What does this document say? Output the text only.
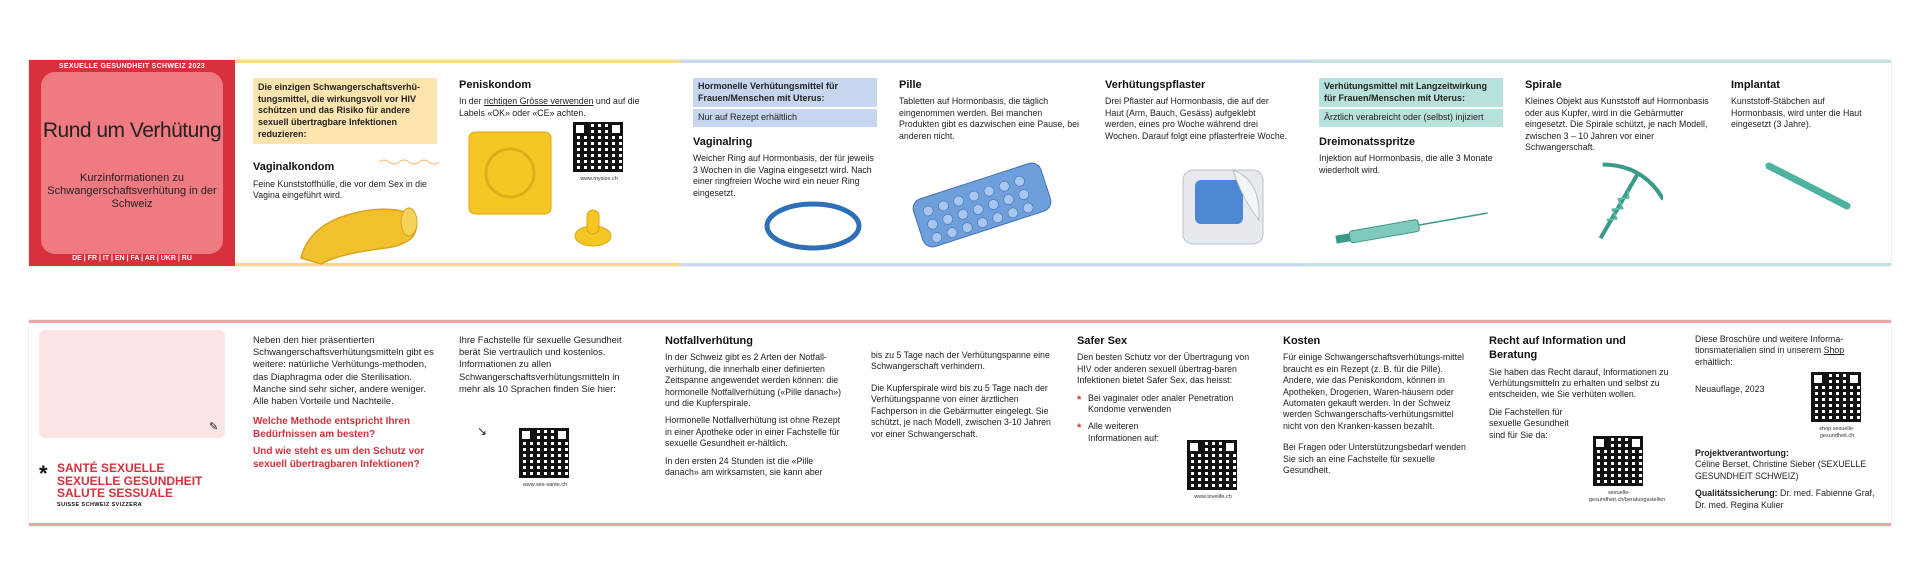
SEXUELLE GESUNDHEIT SCHWEIZ 2023
Rund um Verhütung
Kurzinformationen zu Schwangerschaftsverhütung in der Schweiz
DE | FR | IT | EN | FA | AR | UKR | RU
Die einzigen Schwangerschaftsverhü-tungsmittel, die wirkungsvoll vor HIV schützen und das Risiko für andere sexuell übertragbare Infektionen reduzieren:
Vaginalkondom

Feine Kunststoffhülle, die vor dem Sex in die Vagina eingeführt wird.

Peniskondom

In der richtigen Grösse verwenden und auf die Labels «OK» oder «CE» achten.

www.mysize.ch
Hormonelle Verhütungsmittel für Frauen/Menschen mit Uterus:
Nur auf Rezept erhältlich
Vaginalring

Weicher Ring auf Hormonbasis, der für jeweils 3 Wochen in die Vagina eingesetzt wird. Nach einer ringfreien Woche wird ein neuer Ring eingesetzt.

Pille

Tabletten auf Hormonbasis, die täglich eingenommen werden. Bei manchen Produkten gibt es dazwischen eine Pause, bei anderen nicht.

Verhütungspflaster

Drei Pflaster auf Hormonbasis, die auf der Haut (Arm, Bauch, Gesäss) aufgeklebt werden, eines pro Woche während drei Wochen. Darauf folgt eine pflasterfreie Woche.

Verhütungsmittel mit Langzeitwirkung für Frauen/Menschen mit Uterus:
Ärztlich verabreicht oder (selbst) injiziert
Dreimonatsspritze

Injektion auf Hormonbasis, die alle 3 Monate wiederholt wird.

Spirale

Kleines Objekt aus Kunststoff auf Hormonbasis oder aus Kupfer, wird in die Gebärmutter eingesetzt. Die Spirale schützt, je nach Modell, zwischen 3 – 10 Jahren vor einer Schwangerschaft.

Implantat

Kunststoff-Stäbchen auf Hormonbasis, wird unter die Haut eingesetzt (3 Jahre).

✎
* SANTÉ SEXUELLE
SEXUELLE GESUNDHEIT
SALUTE SESSUALE
SUISSE SCHWEIZ SVIZZERA

Neben den hier präsentierten Schwangerschaftsverhütungsmitteln gibt es weitere: natürliche Verhütungs-methoden, das Diaphragma oder die Sterilisation. Manche sind sehr sicher, andere weniger. Alle haben Vorteile und Nachteile.

Welche Methode entspricht Ihren Bedürfnissen am besten?

Und wie steht es um den Schutz vor sexuell übertragbaren Infektionen?

Ihre Fachstelle für sexuelle Gesundheit berät Sie vertraulich und kostenlos. Informationen zu allen Schwangerschaftsverhütungsmitteln in mehr als 10 Sprachen finden Sie hier:

↘
www.sex-sante.ch
Notfallverhütung

In der Schweiz gibt es 2 Arten der Notfall-verhütung, die innerhalb einer definierten Zeitspanne angewendet werden können: die hormonelle Notfallverhütung («Pille danach») und die Kupferspirale.

Hormonelle Notfallverhütung ist ohne Rezept in einer Apotheke oder in einer Fachstelle für sexuelle Gesundheit er-hältlich.

In den ersten 24 Stunden ist die «Pille danach» am wirksamsten, sie kann aber

bis zu 5 Tage nach der Verhütungspanne eine Schwangerschaft verhindern.

Die Kupferspirale wird bis zu 5 Tage nach der Verhütungspanne von einer ärztlichen Fachperson in die Gebärmutter eingelegt. Sie schützt, je nach Modell, zwischen 3-10 Jahren vor einer Schwangerschaft.

Safer Sex

Den besten Schutz vor der Übertragung von HIV oder anderen sexuell übertrag-baren Infektionen bietet Safer Sex, das heisst:

* Bei vaginaler oder analer Penetration Kondome verwenden
* Alle weiteren Informationen auf:
www.lovelife.ch
Kosten

Für einige Schwangerschaftsverhütungs-mittel braucht es ein Rezept (z. B. für die Pille). Andere, wie das Peniskondom, können in Apotheken, Drogerien, Waren-häusern oder Automaten gekauft werden. In der Schweiz werden Schwangerschafts-verhütungsmittel nicht von den Kranken-kassen bezahlt.

Bei Fragen oder Unterstützungsbedarf wenden Sie sich an eine Fachstelle für sexuelle Gesundheit.

Recht auf Information und Beratung

Sie haben das Recht darauf, Informationen zu Verhütungsmitteln zu erhalten und selbst zu entscheiden, wie Sie verhüten wollen.

Die Fachstellen für sexuelle Gesundheit sind für Sie da:

sexuelle-gesundheit.ch/beratungsstellen

Diese Broschüre und weitere Informa-tionsmaterialien sind in unserem Shop erhältlich:

Neuauflage, 2023

shop.sexuelle-gesundheit.ch
Projektverantwortung:
Céline Berset, Christine Sieber (SEXUELLE GESUNDHEIT SCHWEIZ)
Qualitätssicherung: Dr. med. Fabienne Graf, Dr. med. Regina Kulier
